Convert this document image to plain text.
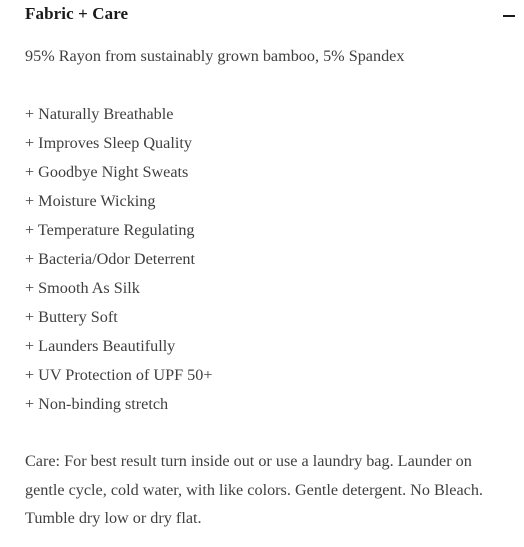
Fabric + Care

95% Rayon from sustainably grown bamboo, 5% Spandex

+ Naturally Breathable
+ Improves Sleep Quality
+ Goodbye Night Sweats
+ Moisture Wicking
+ Temperature Regulating
+ Bacteria/Odor Deterrent
+ Smooth As Silk
+ Buttery Soft
+ Launders Beautifully
+ UV Protection of UPF 50+
+ Non-binding stretch

Care: For best result turn inside out or use a laundry bag. Launder on gentle cycle, cold water, with like colors. Gentle detergent. No Bleach. Tumble dry low or dry flat.
